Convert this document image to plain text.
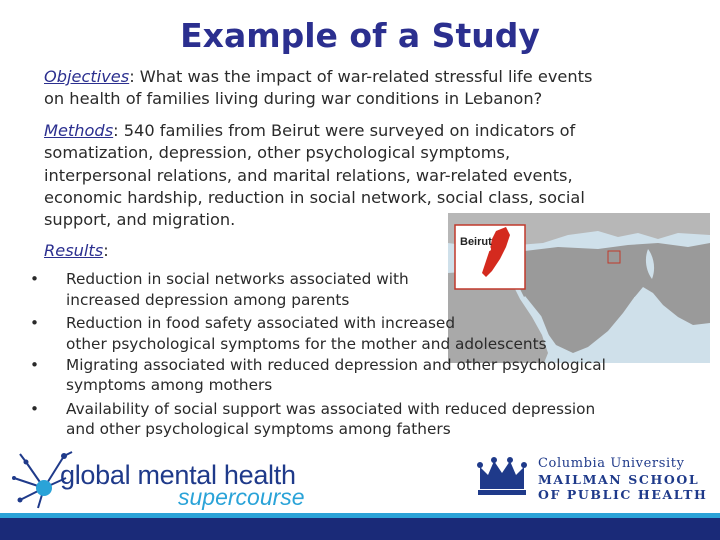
Example of a Study
Beirut
Objectives: What was the impact of war-related stressful life events
on health of families living during war conditions in Lebanon?
Methods: 540 families from Beirut were surveyed on indicators of
somatization, depression, other psychological symptoms,
interpersonal relations, and marital relations, war-related events,
economic hardship, reduction in social network, social class, social
support, and migration.
Results:
• Reduction in social networks associated with
increased depression among parents
• Reduction in food safety associated with increased
other psychological symptoms for the mother and adolescents
• Migrating associated with reduced depression and other psychological
symptoms among mothers
• Availability of social support was associated with reduced depression
and other psychological symptoms among fathers
global mental health
supercourse
Columbia University
MAILMAN SCHOOL
OF PUBLIC HEALTH
